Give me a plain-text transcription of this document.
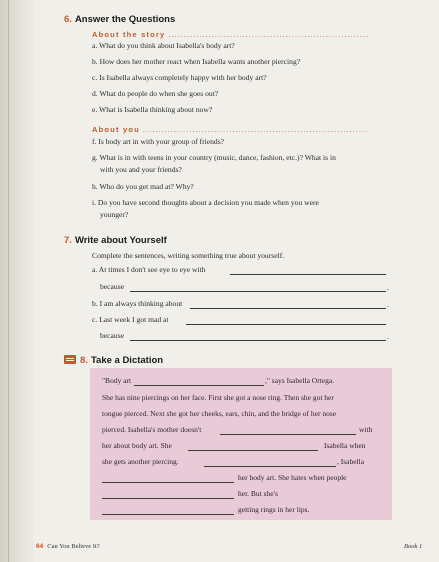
6. Answer the Questions
About the story .................................................................
a. What do you think about Isabella's body art?
b. How does her mother react when Isabella wants another piercing?
c. Is Isabella always completely happy with her body art?
d. What do people do when she goes out?
e. What is Isabella thinking about now?
About you .........................................................................
f. Is body art in with your group of friends?
g. What is in with teens in your country (music, dance, fashion, etc.)? What is in
with you and your friends?
h. Who do you get mad at? Why?
i. Do you have second thoughts about a decision you made when you were
younger?
7. Write about Yourself
Complete the sentences, writing something true about yourself.
a. At times I don't see eye to eye with
because	.
b. I am always thinking about	.
c. Last week I got mad at
because	.
8. Take a Dictation
"Body art	," says Isabella Ortega.
She has nine piercings on her face. First she got a nose ring. Then she got her
tongue pierced. Next she got her cheeks, ears, chin, and the bridge of her nose
pierced. Isabella's mother doesn't	with
her about body art. She	Isabella when
she gets another piercing.	, Isabella
her body art. She hates when people
her. But she's
getting rings in her lips.
64 Can You Believe It?	Book 1
